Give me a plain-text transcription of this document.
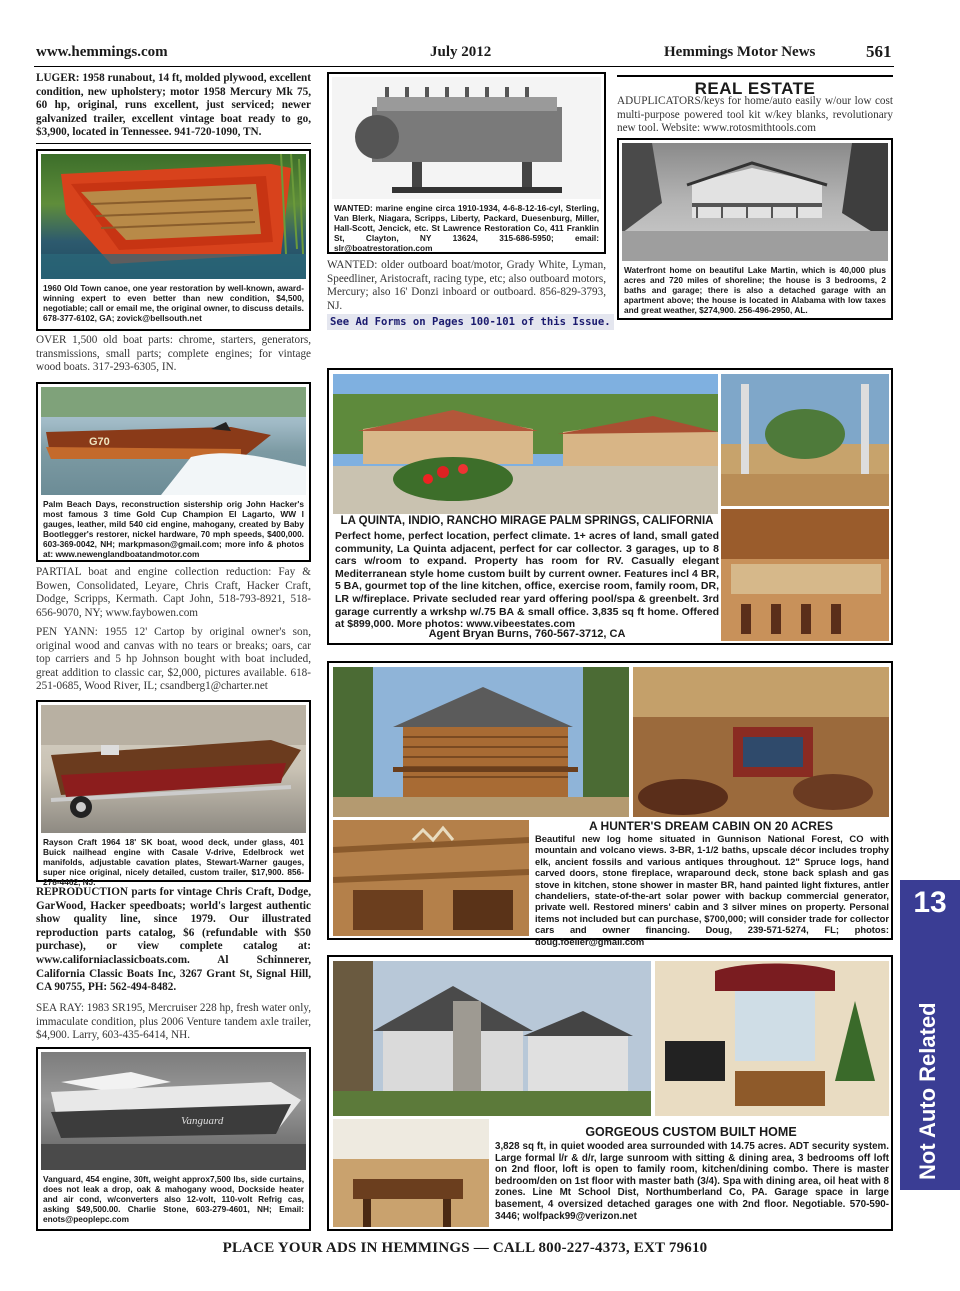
www.hemmings.com	July 2012	Hemmings Motor News	561
LUGER: 1958 runabout, 14 ft, molded plywood, excellent condition, new upholstery; motor 1958 Mercury Mk 75, 60 hp, original, runs excellent, just serviced; newer galvanized trailer, excellent vintage boat ready to go, $3,900, located in Tennessee. 941-720-1090, TN.
1960 Old Town canoe, one year restoration by well-known, award-winning expert to even better than new condition, $4,500, negotiable; call or email me, the original owner, to discuss details. 678-377-6102, GA; zovick@bellsouth.net
OVER 1,500 old boat parts: chrome, starters, generators, transmissions, small parts; complete engines; for vintage wood boats. 317-293-6305, IN.
G70
Palm Beach Days, reconstruction sistership orig John Hacker's most famous 3 time Gold Cup Champion El Lagarto, WW I gauges, leather, mild 540 cid engine, mahogany, created by Baby Bootlegger's restorer, nickel hardware, 70 mph speeds, $400,000. 603-369-0042, NH; markpmason@gmail.com; more info & photos at: www.newenglandboatandmotor.com
PARTIAL boat and engine collection reduction: Fay & Bowen, Consolidated, Leyare, Chris Craft, Hacker Craft, Dodge, Scripps, Kermath. Capt John, 518-793-8921, 518-656-9070, NY; www.faybowen.com
PEN YANN: 1955 12' Cartop by original owner's son, original wood and canvas with no tears or breaks; oars, car top carriers and 5 hp Johnson bought with boat included, great addition to classic car, $2,000, pictures available. 618-251-0685, Wood River, IL; csandberg1@charter.net
Rayson Craft 1964 18' SK boat, wood deck, under glass, 401 Buick nailhead engine with Casale V-drive, Edelbrock wet manifolds, adjustable cavation plates, Stewart-Warner gauges, super nice original, nicely detailed, custom trailer, $17,900. 856-278-4462, NJ.
REPRODUCTION parts for vintage Chris Craft, Dodge, GarWood, Hacker speedboats; world's largest authentic show quality line, since 1979. Our illustrated reproduction parts catalog, $6 (refundable with $50 purchase), or view complete catalog at: www.californiaclassicboats.com. Al Schinnerer, California Classic Boats Inc, 3267 Grant St, Signal Hill, CA 90755, PH: 562-494-8482.
SEA RAY: 1983 SR195, Mercruiser 228 hp, fresh water only, immaculate condition, plus 2006 Venture tandem axle trailer, $4,900. Larry, 603-435-6414, NH.
Vanguard
Vanguard, 454 engine, 30ft, weight approx7,500 lbs, side curtains, does not leak a drop, oak & mahogany wood, Dockside heater and air cond, w/converters also 12-volt, 110-volt Refrig cas, asking $49,500.00. Charlie Stone, 603-279-4601, NH; Email: enots@peoplepc.com
WANTED: marine engine circa 1910-1934, 4-6-8-12-16-cyl, Sterling, Van Blerk, Niagara, Scripps, Liberty, Packard, Duesenburg, Miller, Hall-Scott, Jencick, etc. St Lawrence Restoration Co, 411 Franklin St, Clayton, NY 13624, 315-686-5950; email: slr@boatrestoration.com
WANTED: older outboard boat/motor, Grady White, Lyman, Speedliner, Aristocraft, racing type, etc; also outboard motors, Mercury; also 16' Donzi inboard or outboard. 856-829-3793, NJ.
See Ad Forms on Pages 100-101 of this Issue.
REAL ESTATE
ADUPLICATORS/keys for home/auto easily w/our low cost multi-purpose powered tool kit w/key blanks, revolutionary new tool. Website: www.rotosmithtools.com
Waterfront home on beautiful Lake Martin, which is 40,000 plus acres and 720 miles of shoreline; the house is 3 bedrooms, 2 baths and garage; there is also a detached garage with an apartment above; the house is located in Alabama with low taxes and great weather, $274,900. 256-496-2950, AL.
LA QUINTA, INDIO, RANCHO MIRAGE PALM SPRINGS, CALIFORNIA
Perfect home, perfect location, perfect climate. 1+ acres of land, small gated community, La Quinta adjacent, perfect for car collector. 3 garages, up to 8 cars w/room to expand. Property has room for RV. Casually elegant Mediterranean style home custom built by current owner. Features incl 4 BR, 5 BA, gourmet top of the line kitchen, office, exercise room, family room, DR, LR w/fireplace. Private secluded rear yard offering pool/spa & greenbelt. 3rd garage currently a wrkshp w/.75 BA & small office. 3,835 sq ft home. Offered at $899,000. More photos: www.vibeestates.com
Agent Bryan Burns, 760-567-3712, CA
A HUNTER'S DREAM CABIN ON 20 ACRES
Beautiful new log home situated in Gunnison National Forest, CO with mountain and volcano views. 3-BR, 1-1/2 baths, upscale décor includes trophy elk, ancient fossils and various antiques throughout. 12" Spruce logs, hand carved doors, stone fireplace, wraparound deck, stone back splash and gas stove in kitchen, stone shower in master BR, hand painted light fixtures, antler chandeliers, state-of-the-art solar power with backup commercial generator, private well. Restored miners' cabin and 3 silver mines on property. Personal items not included but can purchase, $700,000; will consider trade for collector cars and owner financing. Doug, 239-571-5274, FL; photos: doug.foeller@gmail.com
GORGEOUS CUSTOM BUILT HOME
3,828 sq ft, in quiet wooded area surrounded with 14.75 acres. ADT security system. Large formal l/r & d/r, large sunroom with sitting & dining area, 3 bedrooms off loft on 2nd floor, loft is open to family room, kitchen/dining combo. There is master bedroom/den on 1st floor with master bath (3/4). Spa with dining area, oil heat with 8 zones. Line Mt School Dist, Northumberland Co, PA. Garage space in large basement, 4 oversized detached garages one with 2nd floor. Negotiable. 570-590-3446; wolfpack99@verizon.net
13
Not Auto Related
PLACE YOUR ADS IN HEMMINGS — CALL 800-227-4373, EXT 79610
